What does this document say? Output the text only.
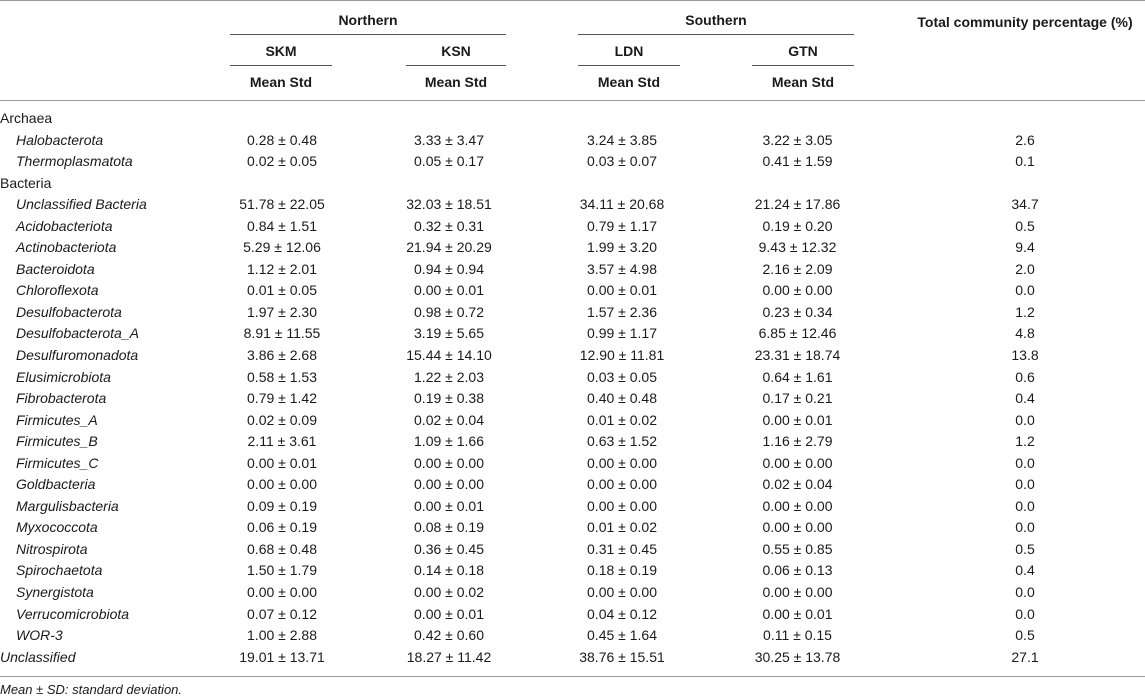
Northern	Southern	Total community percentage (%)
SKM	KSN	LDN	GTN
Mean Std	Mean Std	Mean Std	Mean Std
Archaea					
Halobacterota	0.28 ± 0.48	3.33 ± 3.47	3.24 ± 3.85	3.22 ± 3.05	2.6
Thermoplasmatota	0.02 ± 0.05	0.05 ± 0.17	0.03 ± 0.07	0.41 ± 1.59	0.1
Bacteria					
Unclassified Bacteria	51.78 ± 22.05	32.03 ± 18.51	34.11 ± 20.68	21.24 ± 17.86	34.7
Acidobacteriota	0.84 ± 1.51	0.32 ± 0.31	0.79 ± 1.17	0.19 ± 0.20	0.5
Actinobacteriota	5.29 ± 12.06	21.94 ± 20.29	1.99 ± 3.20	9.43 ± 12.32	9.4
Bacteroidota	1.12 ± 2.01	0.94 ± 0.94	3.57 ± 4.98	2.16 ± 2.09	2.0
Chloroflexota	0.01 ± 0.05	0.00 ± 0.01	0.00 ± 0.01	0.00 ± 0.00	0.0
Desulfobacterota	1.97 ± 2.30	0.98 ± 0.72	1.57 ± 2.36	0.23 ± 0.34	1.2
Desulfobacterota_A	8.91 ± 11.55	3.19 ± 5.65	0.99 ± 1.17	6.85 ± 12.46	4.8
Desulfuromonadota	3.86 ± 2.68	15.44 ± 14.10	12.90 ± 11.81	23.31 ± 18.74	13.8
Elusimicrobiota	0.58 ± 1.53	1.22 ± 2.03	0.03 ± 0.05	0.64 ± 1.61	0.6
Fibrobacterota	0.79 ± 1.42	0.19 ± 0.38	0.40 ± 0.48	0.17 ± 0.21	0.4
Firmicutes_A	0.02 ± 0.09	0.02 ± 0.04	0.01 ± 0.02	0.00 ± 0.01	0.0
Firmicutes_B	2.11 ± 3.61	1.09 ± 1.66	0.63 ± 1.52	1.16 ± 2.79	1.2
Firmicutes_C	0.00 ± 0.01	0.00 ± 0.00	0.00 ± 0.00	0.00 ± 0.00	0.0
Goldbacteria	0.00 ± 0.00	0.00 ± 0.00	0.00 ± 0.00	0.02 ± 0.04	0.0
Margulisbacteria	0.09 ± 0.19	0.00 ± 0.01	0.00 ± 0.00	0.00 ± 0.00	0.0
Myxococcota	0.06 ± 0.19	0.08 ± 0.19	0.01 ± 0.02	0.00 ± 0.00	0.0
Nitrospirota	0.68 ± 0.48	0.36 ± 0.45	0.31 ± 0.45	0.55 ± 0.85	0.5
Spirochaetota	1.50 ± 1.79	0.14 ± 0.18	0.18 ± 0.19	0.06 ± 0.13	0.4
Synergistota	0.00 ± 0.00	0.00 ± 0.02	0.00 ± 0.00	0.00 ± 0.00	0.0
Verrucomicrobiota	0.07 ± 0.12	0.00 ± 0.01	0.04 ± 0.12	0.00 ± 0.01	0.0
WOR-3	1.00 ± 2.88	0.42 ± 0.60	0.45 ± 1.64	0.11 ± 0.15	0.5
Unclassified	19.01 ± 13.71	18.27 ± 11.42	38.76 ± 15.51	30.25 ± 13.78	27.1
Mean ± SD: standard deviation.
